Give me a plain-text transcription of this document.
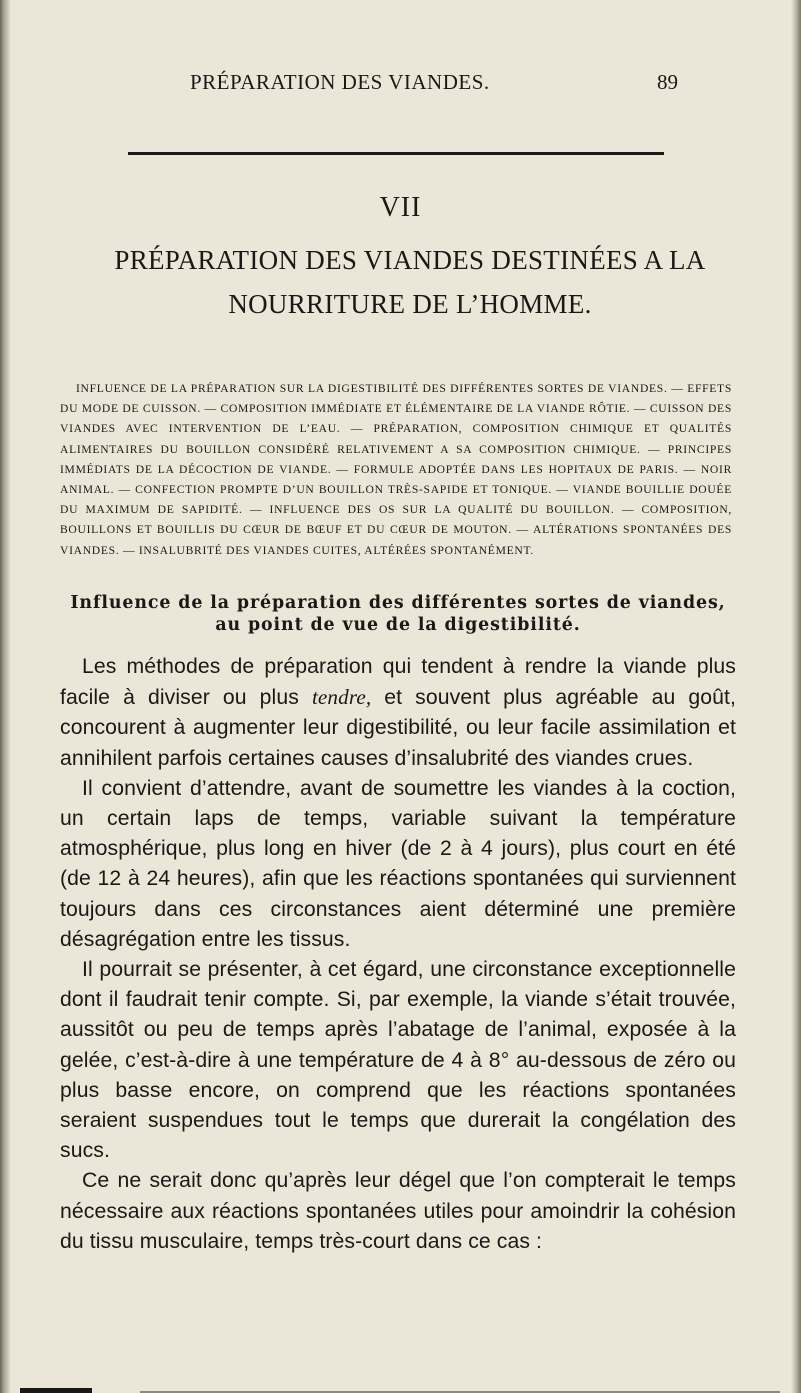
PRÉPARATION DES VIANDES.	89
VII
PRÉPARATION DES VIANDES DESTINÉES A LA
NOURRITURE DE L’HOMME.
INFLUENCE DE LA PRÉPARATION SUR LA DIGESTIBILITÉ DES DIFFÉRENTES SORTES DE VIANDES. — EFFETS DU MODE DE CUISSON. — COMPOSITION IMMÉDIATE ET ÉLÉMENTAIRE DE LA VIANDE RÔTIE. — CUISSON DES VIANDES AVEC INTERVENTION DE L’EAU. — PRÉPARATION, COMPOSITION CHIMIQUE ET QUALITÉS ALIMENTAIRES DU BOUILLON CONSIDÉRÉ RELATIVEMENT A SA COMPOSITION CHIMIQUE. — PRINCIPES IMMÉDIATS DE LA DÉCOCTION DE VIANDE. — FORMULE ADOPTÉE DANS LES HOPITAUX DE PARIS. — NOIR ANIMAL. — CONFECTION PROMPTE D’UN BOUILLON TRÈS-SAPIDE ET TONIQUE. — VIANDE BOUILLIE DOUÉE DU MAXIMUM DE SAPIDITÉ. — INFLUENCE DES OS SUR LA QUALITÉ DU BOUILLON. — COMPOSITION, BOUILLONS ET BOUILLIS DU CŒUR DE BŒUF ET DU CŒUR DE MOUTON. — ALTÉRATIONS SPONTANÉES DES VIANDES. — INSALUBRITÉ DES VIANDES CUITES, ALTÉRÉES SPONTANÉMENT.
Influence de la préparation des différentes sortes de viandes,
au point de vue de la digestibilité.

Les méthodes de préparation qui tendent à rendre la viande plus facile à diviser ou plus tendre, et souvent plus agréable au goût, concourent à augmenter leur digestibilité, ou leur facile assimilation et annihilent parfois certaines causes d’insalubrité des viandes crues.

Il convient d’attendre, avant de soumettre les viandes à la coction, un certain laps de temps, variable suivant la température atmosphérique, plus long en hiver (de 2 à 4 jours), plus court en été (de 12 à 24 heures), afin que les réactions spontanées qui surviennent toujours dans ces circonstances aient déterminé une première désagrégation entre les tissus.

Il pourrait se présenter, à cet égard, une circonstance exceptionnelle dont il faudrait tenir compte. Si, par exemple, la viande s’était trouvée, aussitôt ou peu de temps après l’abatage de l’animal, exposée à la gelée, c’est-à-dire à une température de 4 à 8° au-dessous de zéro ou plus basse encore, on comprend que les réactions spontanées seraient suspendues tout le temps que durerait la congélation des sucs.

Ce ne serait donc qu’après leur dégel que l’on compterait le temps nécessaire aux réactions spontanées utiles pour amoindrir la cohésion du tissu musculaire, temps très-court dans ce cas :
